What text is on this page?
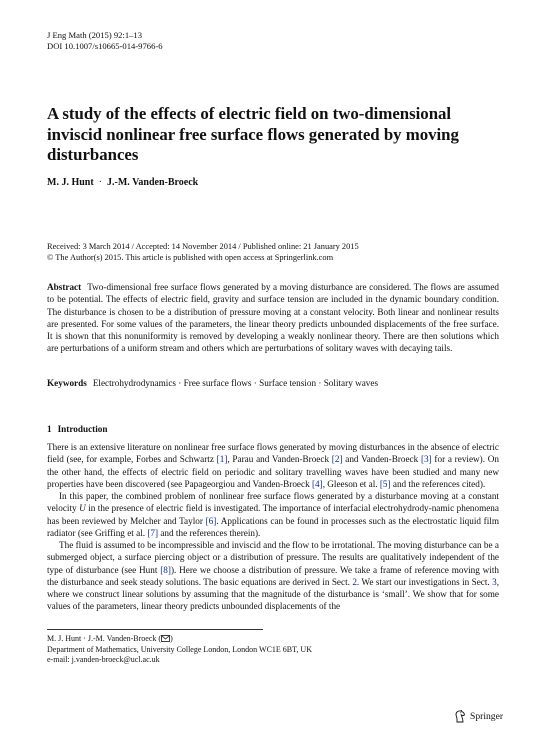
J Eng Math (2015) 92:1–13
DOI 10.1007/s10665-014-9766-6
A study of the effects of electric field on two-dimensional inviscid nonlinear free surface flows generated by moving disturbances
M. J. Hunt · J.-M. Vanden-Broeck
Received: 3 March 2014 / Accepted: 14 November 2014 / Published online: 21 January 2015
© The Author(s) 2015. This article is published with open access at Springerlink.com
Abstract Two-dimensional free surface flows generated by a moving disturbance are considered. The flows are assumed to be potential. The effects of electric field, gravity and surface tension are included in the dynamic boundary condition. The disturbance is chosen to be a distribution of pressure moving at a constant velocity. Both linear and nonlinear results are presented. For some values of the parameters, the linear theory predicts unbounded displacements of the free surface. It is shown that this nonuniformity is removed by developing a weakly nonlinear theory. There are then solutions which are perturbations of a uniform stream and others which are perturbations of solitary waves with decaying tails.
Keywords Electrohydrodynamics · Free surface flows · Surface tension · Solitary waves
1 Introduction

There is an extensive literature on nonlinear free surface flows generated by moving disturbances in the absence of electric field (see, for example, Forbes and Schwartz [1], Parau and Vanden-Broeck [2] and Vanden-Broeck [3] for a review). On the other hand, the effects of electric field on periodic and solitary travelling waves have been studied and many new properties have been discovered (see Papageorgiou and Vanden-Broeck [4], Gleeson et al. [5] and the references cited).

In this paper, the combined problem of nonlinear free surface flows generated by a disturbance moving at a constant velocity U in the presence of electric field is investigated. The importance of interfacial electrohydrody-namic phenomena has been reviewed by Melcher and Taylor [6]. Applications can be found in processes such as the electrostatic liquid film radiator (see Griffing et al. [7] and the references therein).

The fluid is assumed to be incompressible and inviscid and the flow to be irrotational. The moving disturbance can be a submerged object, a surface piercing object or a distribution of pressure. The results are qualitatively independent of the type of disturbance (see Hunt [8]). Here we choose a distribution of pressure. We take a frame of reference moving with the disturbance and seek steady solutions. The basic equations are derived in Sect. 2. We start our investigations in Sect. 3, where we construct linear solutions by assuming that the magnitude of the disturbance is ‘small’. We show that for some values of the parameters, linear theory predicts unbounded displacements of the

M. J. Hunt · J.-M. Vanden-Broeck ( )
Department of Mathematics, University College London, London WC1E 6BT, UK
e-mail: j.vanden-broeck@ucl.ac.uk
Springer
